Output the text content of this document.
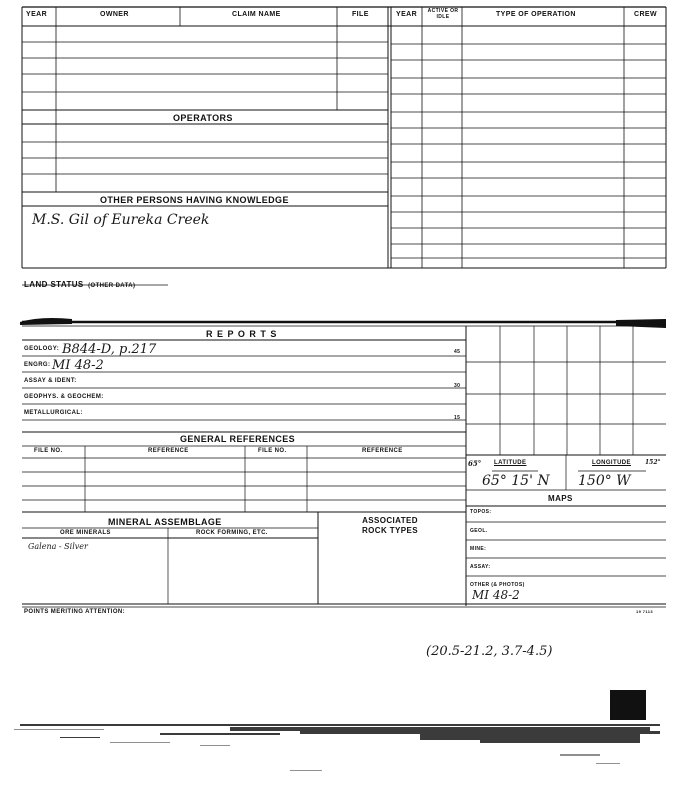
YEAR	OWNER	CLAIM NAME	FILE	YEAR	ACTIVE OR IDLE	TYPE OF OPERATION	CREW
OPERATORS
OTHER PERSONS HAVING KNOWLEDGE
M.S. Gil of Eureka Creek
LAND STATUS (OTHER DATA)
R E P O R T S
GEOLOGY: B844-D, p.217	45
ENGRG: MI 48-2
ASSAY & IDENT:
30
GEOPHYS. & GEOCHEM:
METALLURGICAL:
15
GENERAL REFERENCES
FILE NO.	REFERENCE	FILE NO.	REFERENCE
MINERAL ASSEMBLAGE
ORE MINERALS	ROCK FORMING, ETC.
ASSOCIATED ROCK TYPES
Galena - Silver
65° LATITUDE	LONGITUDE 152°
65° 15' N 150° W
MAPS
TOPOS:
GEOL.
MINE:
ASSAY:
OTHER (& PHOTOS)
MI 48-2
POINTS MERITING ATTENTION:	19 7113
(20.5-21.2, 3.7-4.5)
